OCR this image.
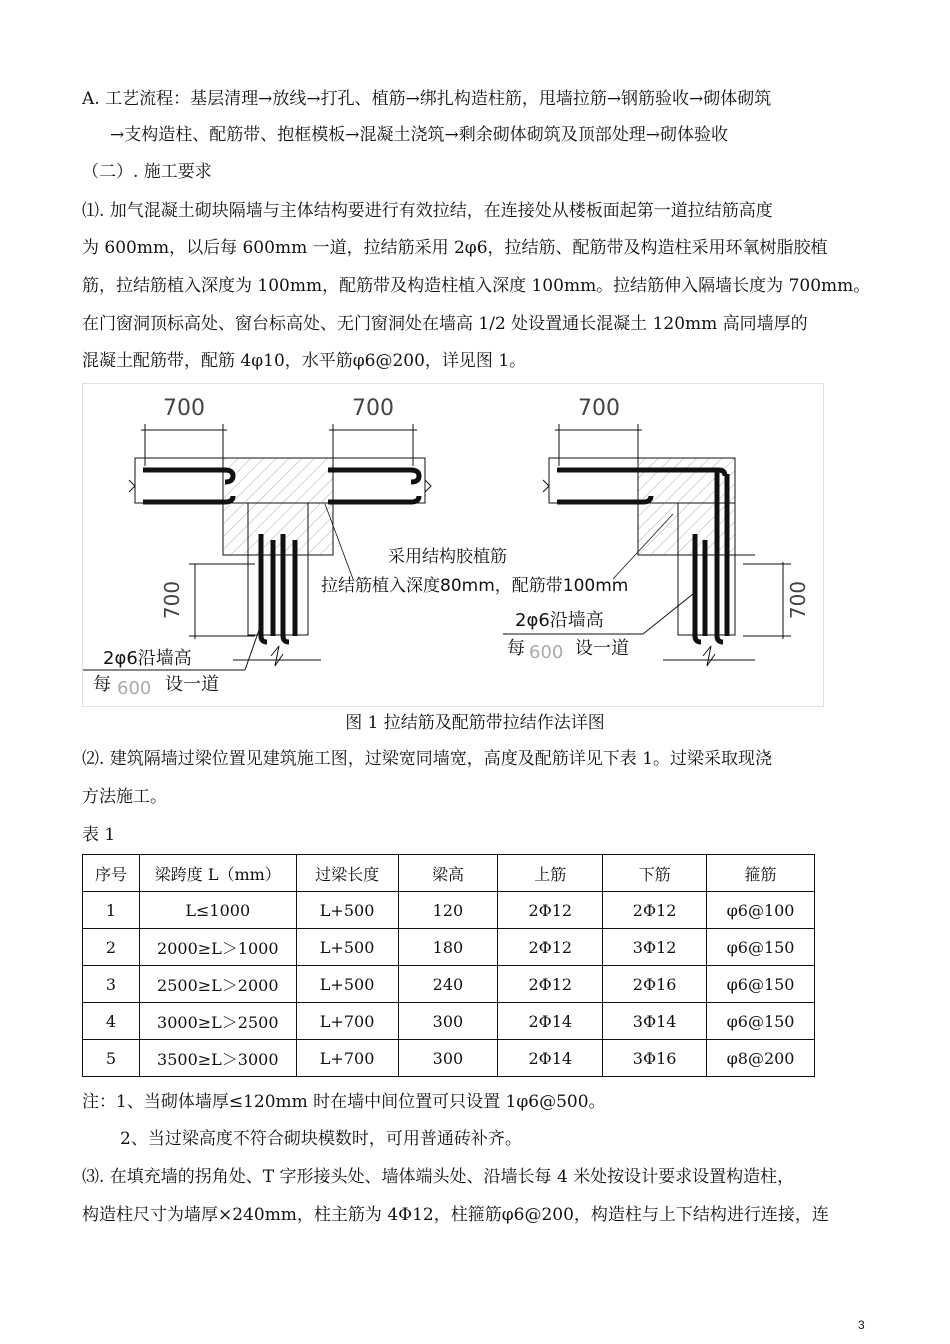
A. 工艺流程：基层清理→放线→打孔、植筋→绑扎构造柱筋，甩墙拉筋→钢筋验收→砌体砌筑
→支构造柱、配筋带、抱框模板→混凝土浇筑→剩余砌体砌筑及顶部处理→砌体验收
（二）. 施工要求
⑴. 加气混凝土砌块隔墙与主体结构要进行有效拉结，在连接处从楼板面起第一道拉结筋高度
为 600mm，以后每 600mm 一道，拉结筋采用 2φ6，拉结筋、配筋带及构造柱采用环氧树脂胶植
筋，拉结筋植入深度为 100mm，配筋带及构造柱植入深度 100mm。拉结筋伸入隔墙长度为 700mm。
在门窗洞顶标高处、窗台标高处、无门窗洞处在墙高 1/2 处设置通长混凝土 120mm 高同墙厚的
混凝土配筋带，配筋 4φ10，水平筋φ6@200，详见图 1。
700	700
700
2φ6沿墙高
每 600 设一道
采用结构胶植筋
拉结筋植入深度80mm，配筋带100mm
700
700
2φ6沿墙高
每 600 设一道
图 1 拉结筋及配筋带拉结作法详图
⑵. 建筑隔墙过梁位置见建筑施工图，过梁宽同墙宽，高度及配筋详见下表 1。过梁采取现浇
方法施工。
表 1
序号	梁跨度 L（mm）	过梁长度	梁高	上筋	下筋	箍筋
1	L≤1000	L+500	120	2Φ12	2Φ12	φ6@100
2	2000≥L＞1000	L+500	180	2Φ12	3Φ12	φ6@150
3	2500≥L＞2000	L+500	240	2Φ12	2Φ16	φ6@150
4	3000≥L＞2500	L+700	300	2Φ14	3Φ14	φ6@150
5	3500≥L＞3000	L+700	300	2Φ14	3Φ16	φ8@200
注：1、当砌体墙厚≤120mm 时在墙中间位置可只设置 1φ6@500。
2、当过梁高度不符合砌块模数时，可用普通砖补齐。
⑶. 在填充墙的拐角处、T 字形接头处、墙体端头处、沿墙长每 4 米处按设计要求设置构造柱，
构造柱尺寸为墙厚×240mm，柱主筋为 4Φ12，柱箍筋φ6@200，构造柱与上下结构进行连接，连
3
